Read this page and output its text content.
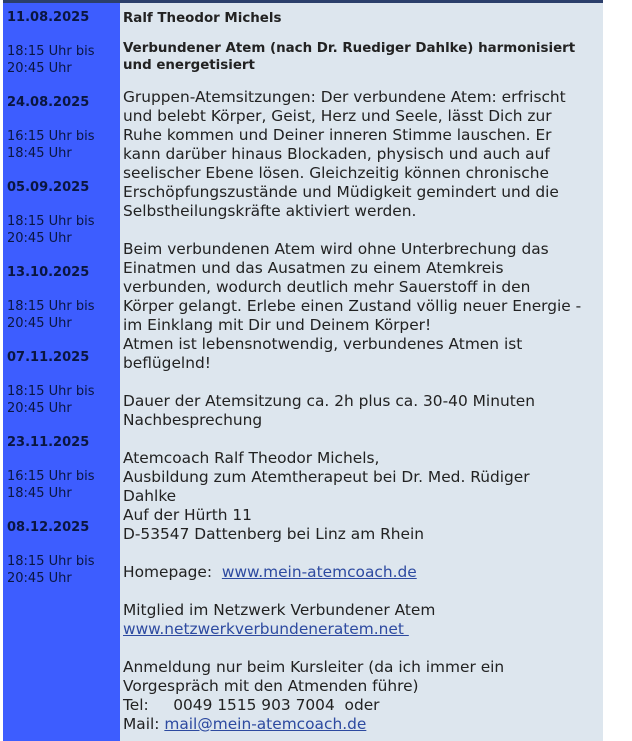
11.08.2025
18:15 Uhr bis
20:45 Uhr
24.08.2025
16:15 Uhr bis
18:45 Uhr
05.09.2025
18:15 Uhr bis
20:45 Uhr
13.10.2025
18:15 Uhr bis
20:45 Uhr
07.11.2025
18:15 Uhr bis
20:45 Uhr
23.11.2025
16:15 Uhr bis
18:45 Uhr
08.12.2025
18:15 Uhr bis
20:45 Uhr
Ralf Theodor Michels
Verbundener Atem (nach Dr. Ruediger Dahlke) harmonisiert
und energetisiert
Gruppen-Atemsitzungen: Der verbundene Atem: erfrischt
und belebt Körper, Geist, Herz und Seele, lässt Dich zur
Ruhe kommen und Deiner inneren Stimme lauschen. Er
kann darüber hinaus Blockaden, physisch und auch auf
seelischer Ebene lösen. Gleichzeitig können chronische
Erschöpfungszustände und Müdigkeit gemindert und die
Selbstheilungskräfte aktiviert werden.
Beim verbundenen Atem wird ohne Unterbrechung das
Einatmen und das Ausatmen zu einem Atemkreis
verbunden, wodurch deutlich mehr Sauerstoff in den
Körper gelangt. Erlebe einen Zustand völlig neuer Energie -
im Einklang mit Dir und Deinem Körper!
Atmen ist lebensnotwendig, verbundenes Atmen ist
beflügelnd!
Dauer der Atemsitzung ca. 2h plus ca. 30-40 Minuten
Nachbesprechung
Atemcoach Ralf Theodor Michels,
Ausbildung zum Atemtherapeut bei Dr. Med. Rüdiger
Dahlke
Auf der Hürth 11
D-53547 Dattenberg bei Linz am Rhein
Homepage:  www.mein-atemcoach.de
Mitglied im Netzwerk Verbundener Atem
www.netzwerkverbundeneratem.net
Anmeldung nur beim Kursleiter (da ich immer ein
Vorgespräch mit den Atmenden führe)
Tel:     0049 1515 903 7004  oder
Mail: mail@mein-atemcoach.de
